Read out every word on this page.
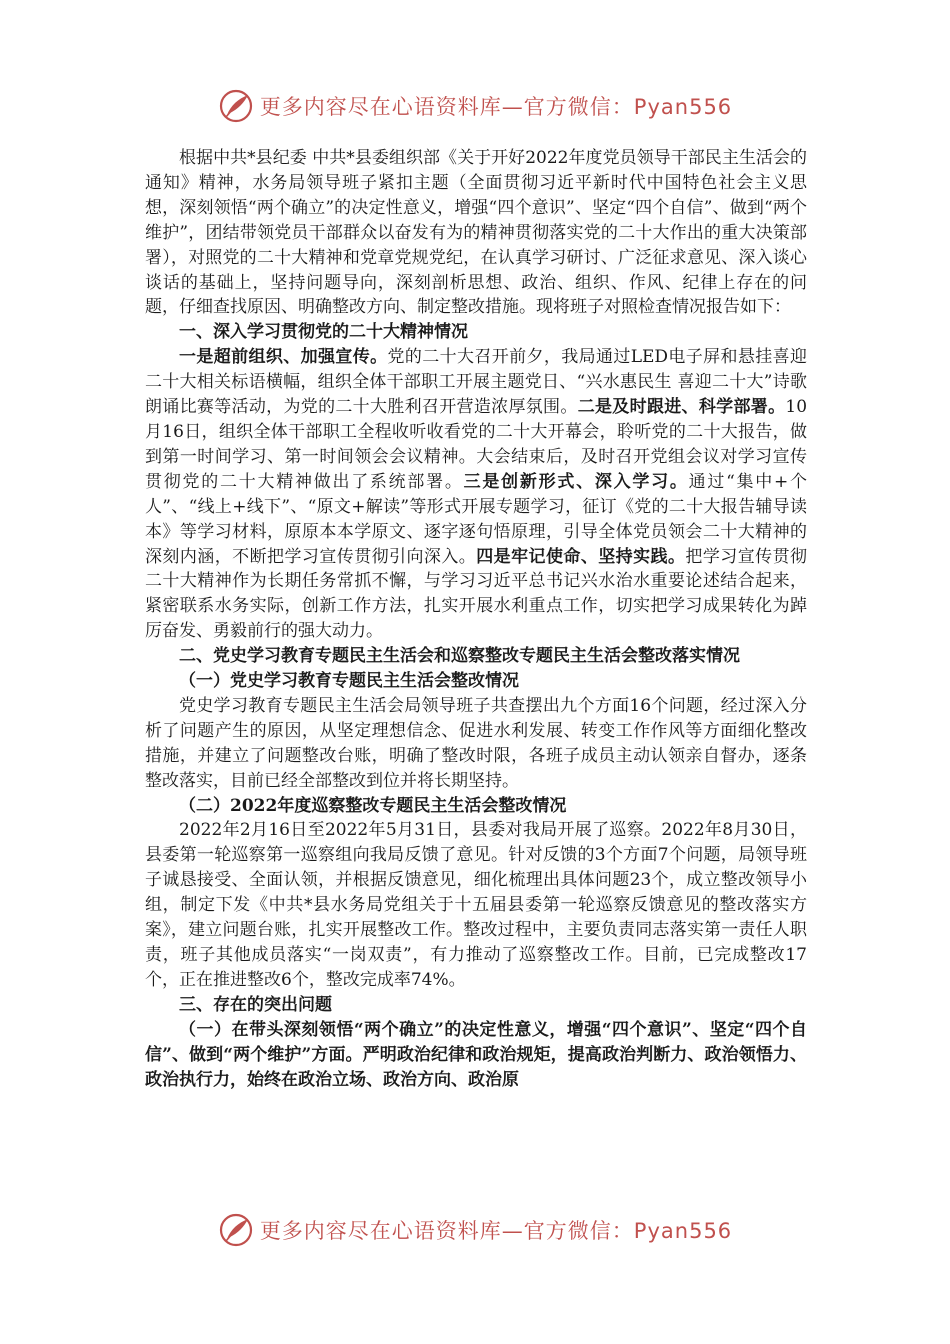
更多内容尽在心语资料库—官方微信：Pyan556

根据中共*县纪委 中共*县委组织部《关于开好2022年度党员领导干部民主生活会的通知》精神，水务局领导班子紧扣主题（全面贯彻习近平新时代中国特色社会主义思想，深刻领悟“两个确立”的决定性意义，增强“四个意识”、坚定“四个自信”、做到“两个维护”，团结带领党员干部群众以奋发有为的精神贯彻落实党的二十大作出的重大决策部署），对照党的二十大精神和党章党规党纪，在认真学习研讨、广泛征求意见、深入谈心谈话的基础上，坚持问题导向，深刻剖析思想、政治、组织、作风、纪律上存在的问题，仔细查找原因、明确整改方向、制定整改措施。现将班子对照检查情况报告如下：

一、深入学习贯彻党的二十大精神情况

一是超前组织、加强宣传。党的二十大召开前夕，我局通过LED电子屏和悬挂喜迎二十大相关标语横幅，组织全体干部职工开展主题党日、“兴水惠民生 喜迎二十大”诗歌朗诵比赛等活动，为党的二十大胜利召开营造浓厚氛围。二是及时跟进、科学部署。10月16日，组织全体干部职工全程收听收看党的二十大开幕会，聆听党的二十大报告，做到第一时间学习、第一时间领会会议精神。大会结束后，及时召开党组会议对学习宣传贯彻党的二十大精神做出了系统部署。三是创新形式、深入学习。通过“集中+个人”、“线上+线下”、“原文+解读”等形式开展专题学习，征订《党的二十大报告辅导读本》等学习材料，原原本本学原文、逐字逐句悟原理，引导全体党员领会二十大精神的深刻内涵，不断把学习宣传贯彻引向深入。四是牢记使命、坚持实践。把学习宣传贯彻二十大精神作为长期任务常抓不懈，与学习习近平总书记兴水治水重要论述结合起来，紧密联系水务实际，创新工作方法，扎实开展水利重点工作，切实把学习成果转化为踔厉奋发、勇毅前行的强大动力。

二、党史学习教育专题民主生活会和巡察整改专题民主生活会整改落实情况

（一）党史学习教育专题民主生活会整改情况

党史学习教育专题民主生活会局领导班子共查摆出九个方面16个问题，经过深入分析了问题产生的原因，从坚定理想信念、促进水利发展、转变工作作风等方面细化整改措施，并建立了问题整改台账，明确了整改时限，各班子成员主动认领亲自督办，逐条整改落实，目前已经全部整改到位并将长期坚持。

（二）2022年度巡察整改专题民主生活会整改情况

2022年2月16日至2022年5月31日，县委对我局开展了巡察。2022年8月30日，县委第一轮巡察第一巡察组向我局反馈了意见。针对反馈的3个方面7个问题，局领导班子诚恳接受、全面认领，并根据反馈意见，细化梳理出具体问题23个，成立整改领导小组，制定下发《中共*县水务局党组关于十五届县委第一轮巡察反馈意见的整改落实方案》，建立问题台账，扎实开展整改工作。整改过程中，主要负责同志落实第一责任人职责，班子其他成员落实“一岗双责”，有力推动了巡察整改工作。目前，已完成整改17个，正在推进整改6个，整改完成率74%。

三、存在的突出问题

（一）在带头深刻领悟“两个确立”的决定性意义，增强“四个意识”、坚定“四个自信”、做到“两个维护”方面。严明政治纪律和政治规矩，提高政治判断力、政治领悟力、政治执行力，始终在政治立场、政治方向、政治原

更多内容尽在心语资料库—官方微信：Pyan556
